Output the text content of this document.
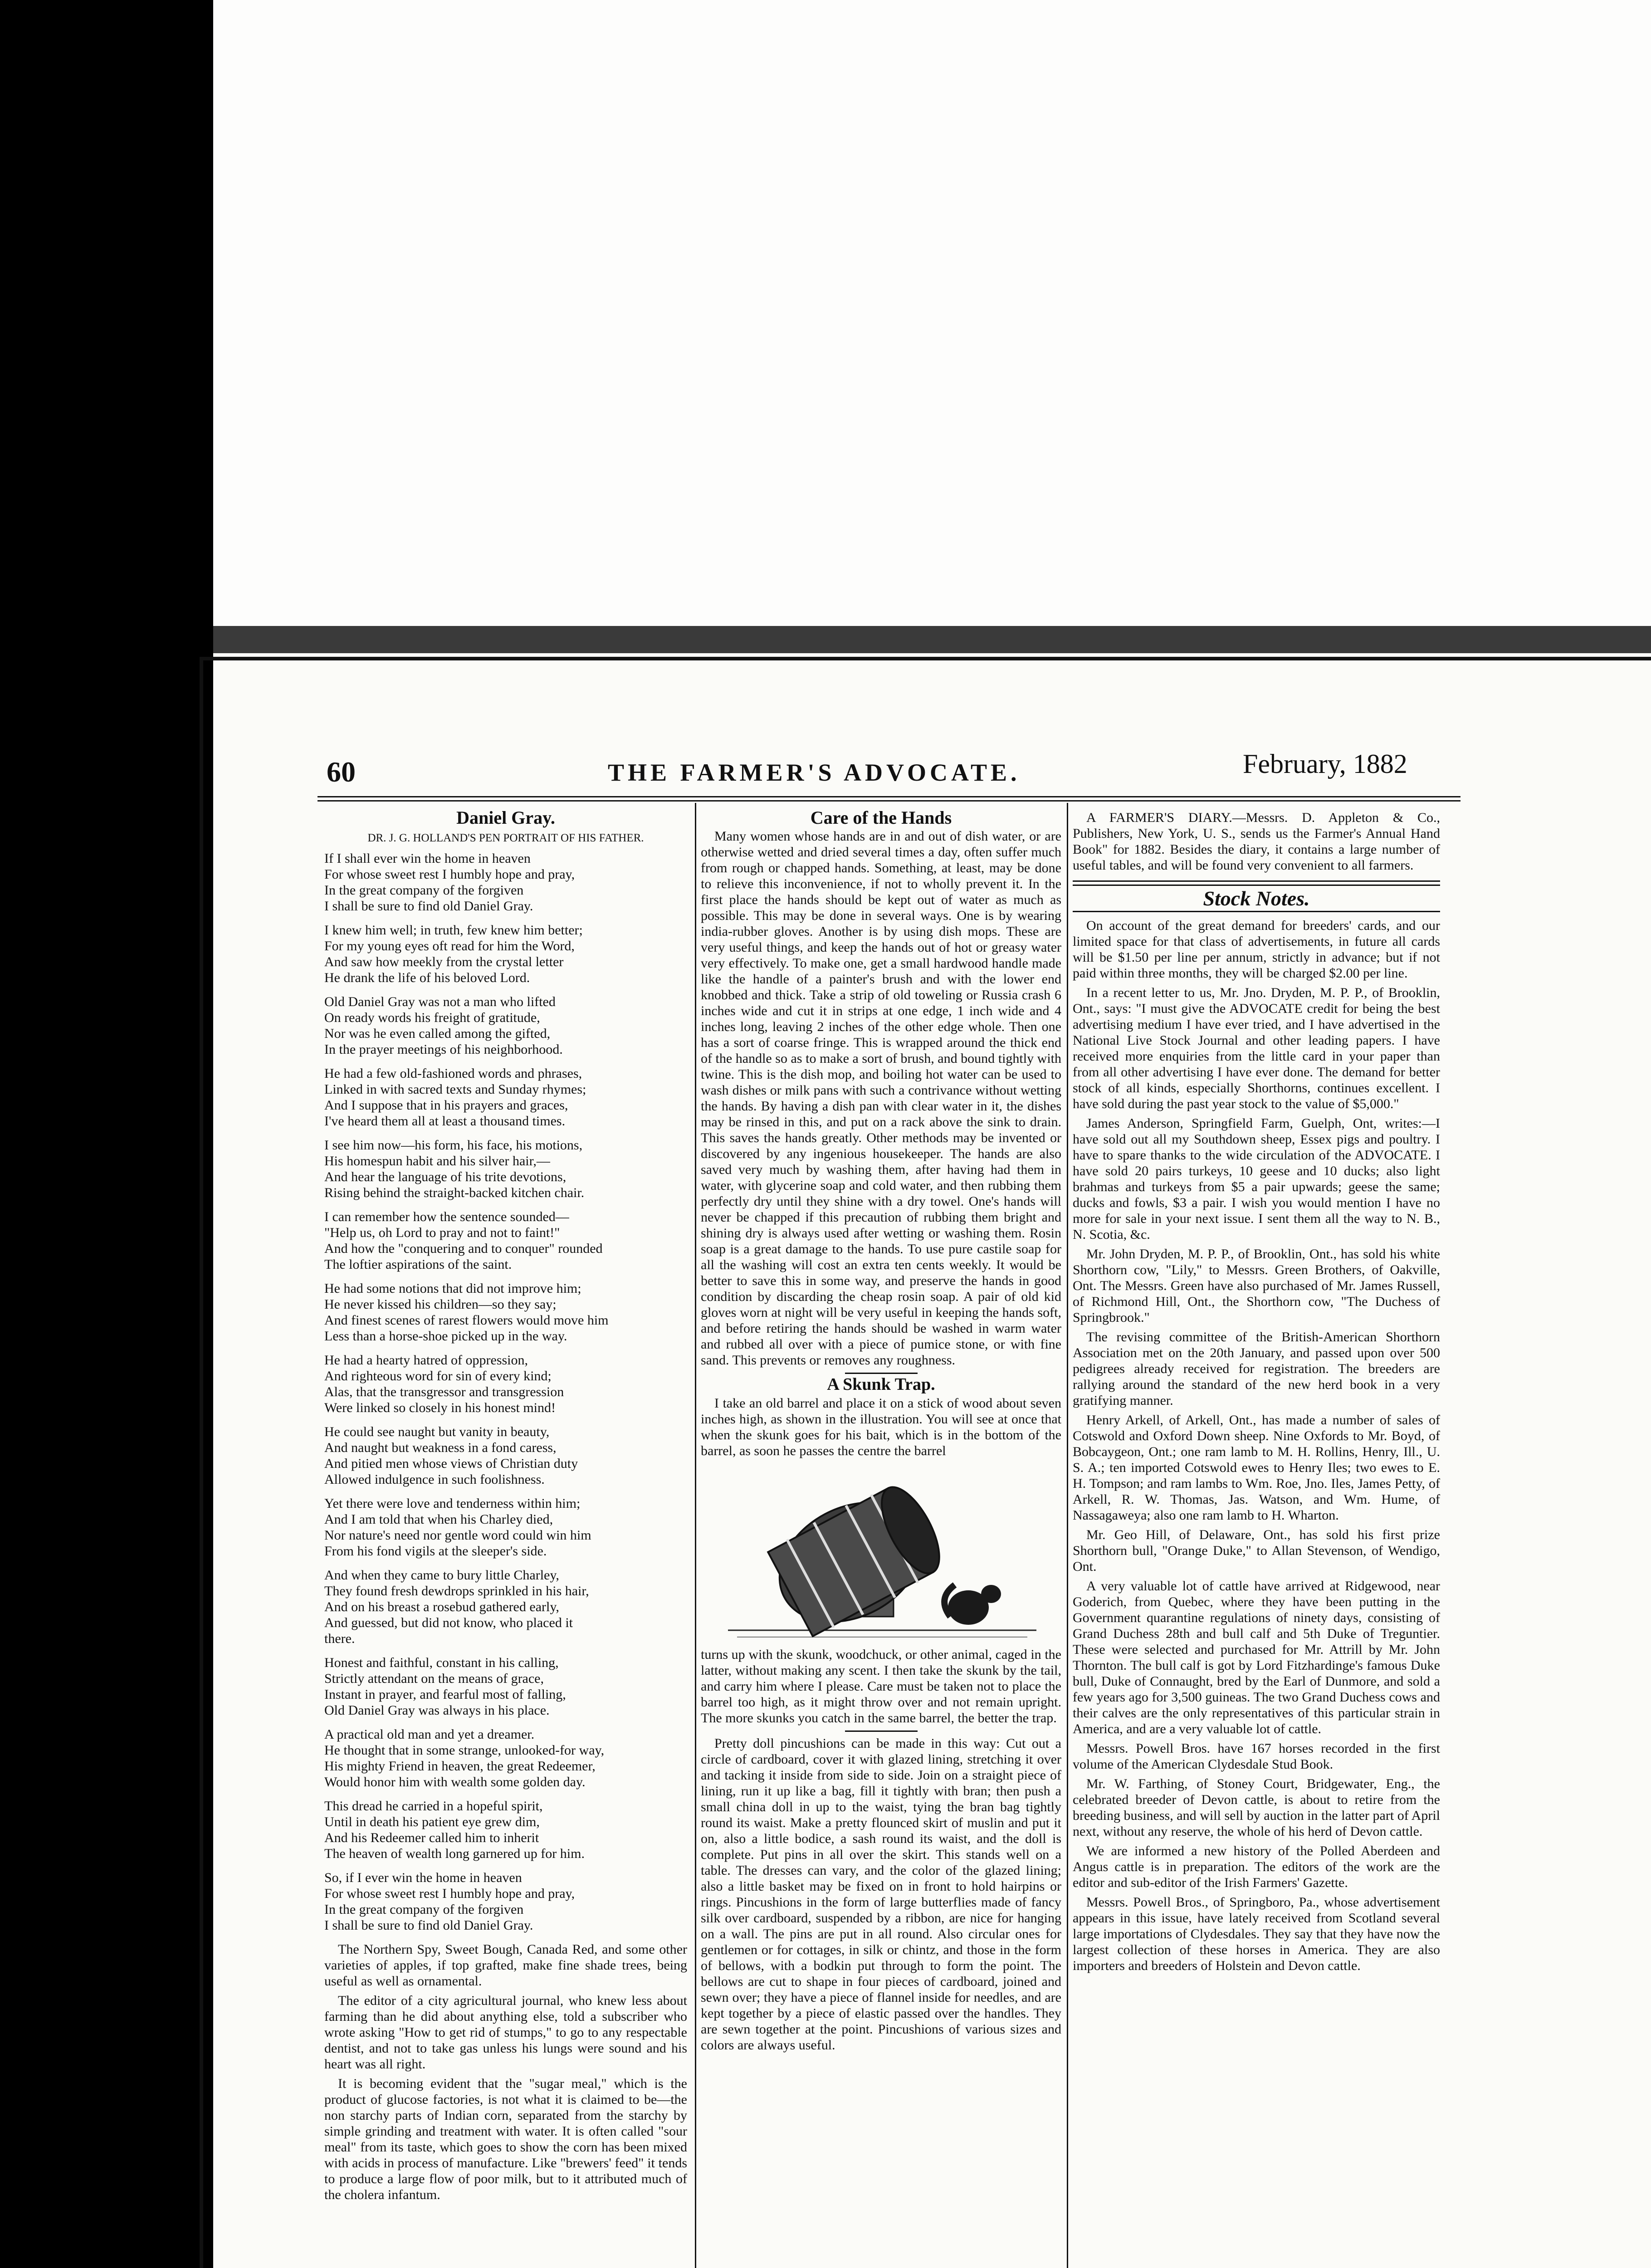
60	THE FARMER'S ADVOCATE.	February, 1882
Daniel Gray.
DR. J. G. HOLLAND'S PEN PORTRAIT OF HIS FATHER.
If I shall ever win the home in heaven
For whose sweet rest I humbly hope and pray,
In the great company of the forgiven
I shall be sure to find old Daniel Gray.
I knew him well; in truth, few knew him better;
For my young eyes oft read for him the Word,
And saw how meekly from the crystal letter
He drank the life of his beloved Lord.
Old Daniel Gray was not a man who lifted
On ready words his freight of gratitude,
Nor was he even called among the gifted,
In the prayer meetings of his neighborhood.
He had a few old-fashioned words and phrases,
Linked in with sacred texts and Sunday rhymes;
And I suppose that in his prayers and graces,
I've heard them all at least a thousand times.
I see him now—his form, his face, his motions,
His homespun habit and his silver hair,—
And hear the language of his trite devotions,
Rising behind the straight-backed kitchen chair.
I can remember how the sentence sounded—
"Help us, oh Lord to pray and not to faint!"
And how the "conquering and to conquer" rounded
The loftier aspirations of the saint.
He had some notions that did not improve him;
He never kissed his children—so they say;
And finest scenes of rarest flowers would move him
Less than a horse-shoe picked up in the way.
He had a hearty hatred of oppression,
And righteous word for sin of every kind;
Alas, that the transgressor and transgression
Were linked so closely in his honest mind!
He could see naught but vanity in beauty,
And naught but weakness in a fond caress,
And pitied men whose views of Christian duty
Allowed indulgence in such foolishness.
Yet there were love and tenderness within him;
And I am told that when his Charley died,
Nor nature's need nor gentle word could win him
From his fond vigils at the sleeper's side.
And when they came to bury little Charley,
They found fresh dewdrops sprinkled in his hair,
And on his breast a rosebud gathered early,
And guessed, but did not know, who placed it
there.
Honest and faithful, constant in his calling,
Strictly attendant on the means of grace,
Instant in prayer, and fearful most of falling,
Old Daniel Gray was always in his place.
A practical old man and yet a dreamer.
He thought that in some strange, unlooked-for way,
His mighty Friend in heaven, the great Redeemer,
Would honor him with wealth some golden day.
This dread he carried in a hopeful spirit,
Until in death his patient eye grew dim,
And his Redeemer called him to inherit
The heaven of wealth long garnered up for him.
So, if I ever win the home in heaven
For whose sweet rest I humbly hope and pray,
In the great company of the forgiven
I shall be sure to find old Daniel Gray.

The Northern Spy, Sweet Bough, Canada Red, and some other varieties of apples, if top grafted, make fine shade trees, being useful as well as ornamental.

The editor of a city agricultural journal, who knew less about farming than he did about anything else, told a subscriber who wrote asking "How to get rid of stumps," to go to any respectable dentist, and not to take gas unless his lungs were sound and his heart was all right.

It is becoming evident that the "sugar meal," which is the product of glucose factories, is not what it is claimed to be—the non starchy parts of Indian corn, separated from the starchy by simple grinding and treatment with water. It is often called "sour meal" from its taste, which goes to show the corn has been mixed with acids in process of manufacture. Like "brewers' feed" it tends to produce a large flow of poor milk, but to it attributed much of the cholera infantum.

Care of the Hands

Many women whose hands are in and out of dish water, or are otherwise wetted and dried several times a day, often suffer much from rough or chapped hands. Something, at least, may be done to relieve this inconvenience, if not to wholly prevent it. In the first place the hands should be kept out of water as much as possible. This may be done in several ways. One is by wearing india-rubber gloves. Another is by using dish mops. These are very useful things, and keep the hands out of hot or greasy water very effectively. To make one, get a small hardwood handle made like the handle of a painter's brush and with the lower end knobbed and thick. Take a strip of old toweling or Russia crash 6 inches wide and cut it in strips at one edge, 1 inch wide and 4 inches long, leaving 2 inches of the other edge whole. Then one has a sort of coarse fringe. This is wrapped around the thick end of the handle so as to make a sort of brush, and bound tightly with twine. This is the dish mop, and boiling hot water can be used to wash dishes or milk pans with such a contrivance without wetting the hands. By having a dish pan with clear water in it, the dishes may be rinsed in this, and put on a rack above the sink to drain. This saves the hands greatly. Other methods may be invented or discovered by any ingenious housekeeper. The hands are also saved very much by washing them, after having had them in water, with glycerine soap and cold water, and then rubbing them perfectly dry until they shine with a dry towel. One's hands will never be chapped if this precaution of rubbing them bright and shining dry is always used after wetting or washing them. Rosin soap is a great damage to the hands. To use pure castile soap for all the washing will cost an extra ten cents weekly. It would be better to save this in some way, and preserve the hands in good condition by discarding the cheap rosin soap. A pair of old kid gloves worn at night will be very useful in keeping the hands soft, and before retiring the hands should be washed in warm water and rubbed all over with a piece of pumice stone, or with fine sand. This prevents or removes any roughness.

A Skunk Trap.

I take an old barrel and place it on a stick of wood about seven inches high, as shown in the illustration. You will see at once that when the skunk goes for his bait, which is in the bottom of the barrel, as soon he passes the centre the barrel

turns up with the skunk, woodchuck, or other animal, caged in the latter, without making any scent. I then take the skunk by the tail, and carry him where I please. Care must be taken not to place the barrel too high, as it might throw over and not remain upright. The more skunks you catch in the same barrel, the better the trap.

Pretty doll pincushions can be made in this way: Cut out a circle of cardboard, cover it with glazed lining, stretching it over and tacking it inside from side to side. Join on a straight piece of lining, run it up like a bag, fill it tightly with bran; then push a small china doll in up to the waist, tying the bran bag tightly round its waist. Make a pretty flounced skirt of muslin and put it on, also a little bodice, a sash round its waist, and the doll is complete. Put pins in all over the skirt. This stands well on a table. The dresses can vary, and the color of the glazed lining; also a little basket may be fixed on in front to hold hairpins or rings. Pincushions in the form of large butterflies made of fancy silk over cardboard, suspended by a ribbon, are nice for hanging on a wall. The pins are put in all round. Also circular ones for gentlemen or for cottages, in silk or chintz, and those in the form of bellows, with a bodkin put through to form the point. The bellows are cut to shape in four pieces of cardboard, joined and sewn over; they have a piece of flannel inside for needles, and are kept together by a piece of elastic passed over the handles. They are sewn together at the point. Pincushions of various sizes and colors are always useful.

A FARMER'S DIARY.—Messrs. D. Appleton & Co., Publishers, New York, U. S., sends us the Farmer's Annual Hand Book" for 1882. Besides the diary, it contains a large number of useful tables, and will be found very convenient to all farmers.

Stock Notes.

On account of the great demand for breeders' cards, and our limited space for that class of advertisements, in future all cards will be $1.50 per line per annum, strictly in advance; but if not paid within three months, they will be charged $2.00 per line.

In a recent letter to us, Mr. Jno. Dryden, M. P. P., of Brooklin, Ont., says: "I must give the ADVOCATE credit for being the best advertising medium I have ever tried, and I have advertised in the National Live Stock Journal and other leading papers. I have received more enquiries from the little card in your paper than from all other advertising I have ever done. The demand for better stock of all kinds, especially Shorthorns, continues excellent. I have sold during the past year stock to the value of $5,000."

James Anderson, Springfield Farm, Guelph, Ont, writes:—I have sold out all my Southdown sheep, Essex pigs and poultry. I have to spare thanks to the wide circulation of the ADVOCATE. I have sold 20 pairs turkeys, 10 geese and 10 ducks; also light brahmas and turkeys from $5 a pair upwards; geese the same; ducks and fowls, $3 a pair. I wish you would mention I have no more for sale in your next issue. I sent them all the way to N. B., N. Scotia, &c.

Mr. John Dryden, M. P. P., of Brooklin, Ont., has sold his white Shorthorn cow, "Lily," to Messrs. Green Brothers, of Oakville, Ont. The Messrs. Green have also purchased of Mr. James Russell, of Richmond Hill, Ont., the Shorthorn cow, "The Duchess of Springbrook."

The revising committee of the British-American Shorthorn Association met on the 20th January, and passed upon over 500 pedigrees already received for registration. The breeders are rallying around the standard of the new herd book in a very gratifying manner.

Henry Arkell, of Arkell, Ont., has made a number of sales of Cotswold and Oxford Down sheep. Nine Oxfords to Mr. Boyd, of Bobcaygeon, Ont.; one ram lamb to M. H. Rollins, Henry, Ill., U. S. A.; ten imported Cotswold ewes to Henry Iles; two ewes to E. H. Tompson; and ram lambs to Wm. Roe, Jno. Iles, James Petty, of Arkell, R. W. Thomas, Jas. Watson, and Wm. Hume, of Nassagaweya; also one ram lamb to H. Wharton.

Mr. Geo Hill, of Delaware, Ont., has sold his first prize Shorthorn bull, "Orange Duke," to Allan Stevenson, of Wendigo, Ont.

A very valuable lot of cattle have arrived at Ridgewood, near Goderich, from Quebec, where they have been putting in the Government quarantine regulations of ninety days, consisting of Grand Duchess 28th and bull calf and 5th Duke of Treguntier. These were selected and purchased for Mr. Attrill by Mr. John Thornton. The bull calf is got by Lord Fitzhardinge's famous Duke bull, Duke of Connaught, bred by the Earl of Dunmore, and sold a few years ago for 3,500 guineas. The two Grand Duchess cows and their calves are the only representatives of this particular strain in America, and are a very valuable lot of cattle.

Messrs. Powell Bros. have 167 horses recorded in the first volume of the American Clydesdale Stud Book.

Mr. W. Farthing, of Stoney Court, Bridgewater, Eng., the celebrated breeder of Devon cattle, is about to retire from the breeding business, and will sell by auction in the latter part of April next, without any reserve, the whole of his herd of Devon cattle.

We are informed a new history of the Polled Aberdeen and Angus cattle is in preparation. The editors of the work are the editor and sub-editor of the Irish Farmers' Gazette.

Messrs. Powell Bros., of Springboro, Pa., whose advertisement appears in this issue, have lately received from Scotland several large importations of Clydesdales. They say that they have now the largest collection of these horses in America. They are also importers and breeders of Holstein and Devon cattle.
